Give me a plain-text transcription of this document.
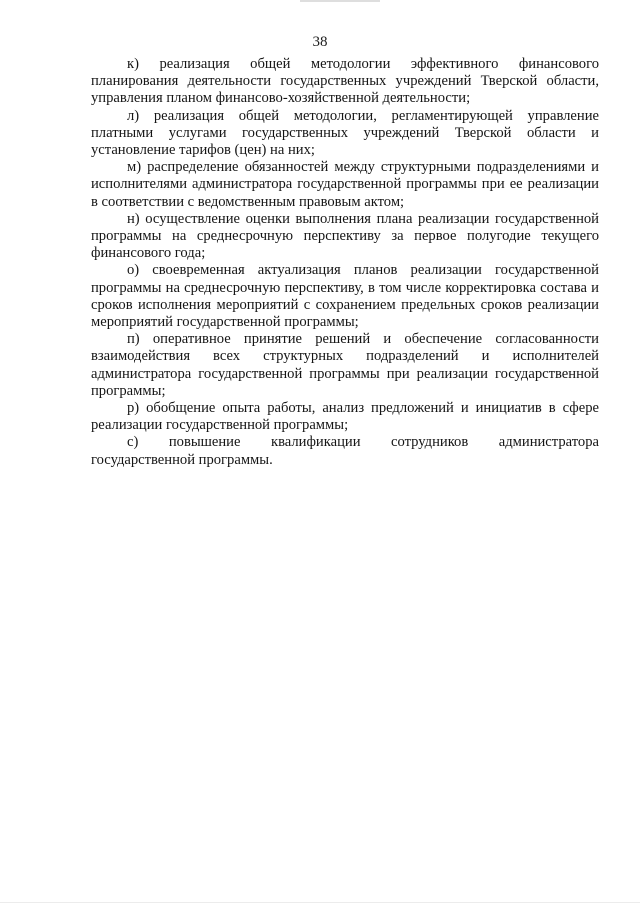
38

к) реализация общей методологии эффективного финансового планирования деятельности государственных учреждений Тверской области, управления планом финансово-хозяйственной деятельности;

л) реализация общей методологии, регламентирующей управление платными услугами государственных учреждений Тверской области и установление тарифов (цен) на них;

м) распределение обязанностей между структурными подразделениями и исполнителями администратора государственной программы при ее реализации в соответствии с ведомственным правовым актом;

н) осуществление оценки выполнения плана реализации государственной программы на среднесрочную перспективу за первое полугодие текущего финансового года;

о) своевременная актуализация планов реализации государственной программы на среднесрочную перспективу, в том числе корректировка состава и сроков исполнения мероприятий с сохранением предельных сроков реализации мероприятий государственной программы;

п) оперативное принятие решений и обеспечение согласованности взаимодействия всех структурных подразделений и исполнителей администратора государственной программы при реализации государственной программы;

р) обобщение опыта работы, анализ предложений и инициатив в сфере реализации государственной программы;

с) повышение квалификации сотрудников администратора государственной программы.
